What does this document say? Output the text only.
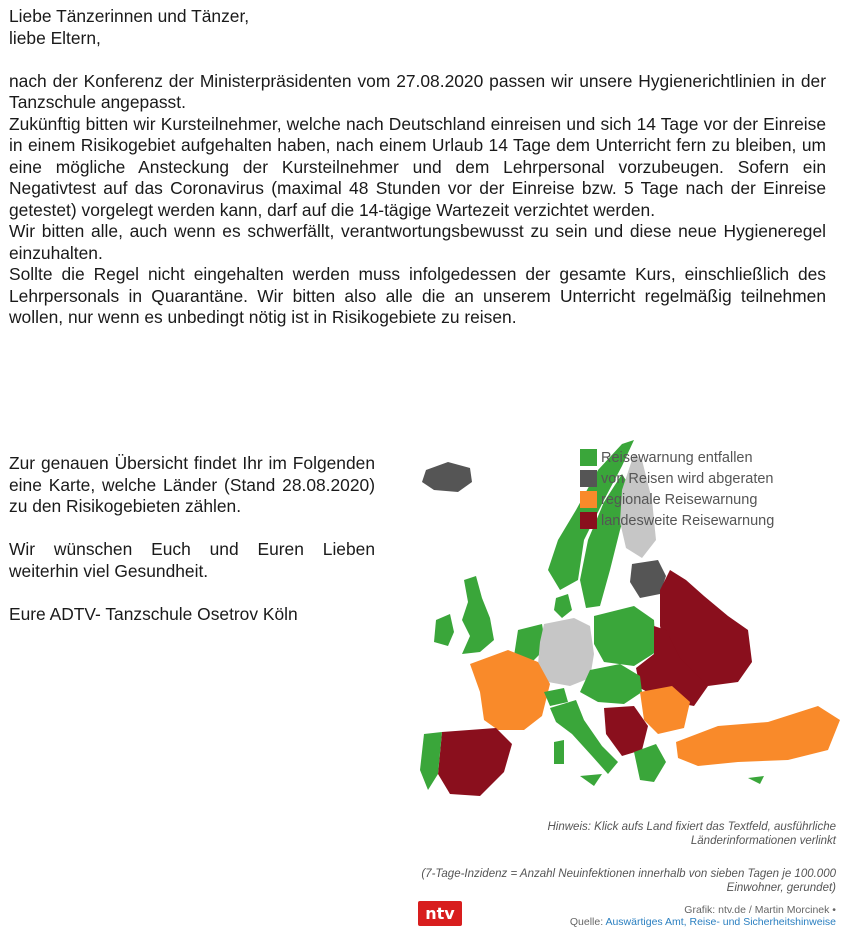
Liebe Tänzerinnen und Tänzer,

liebe Eltern,

nach der Konferenz der Ministerpräsidenten vom 27.08.2020 passen wir unsere Hygienerichtlinien in der Tanzschule angepasst.

Zukünftig bitten wir Kursteilnehmer, welche nach Deutschland einreisen und sich 14 Tage vor der Einreise in einem Risikogebiet aufgehalten haben, nach einem Urlaub 14 Tage dem Unterricht fern zu bleiben, um eine mögliche Ansteckung der Kursteilnehmer und dem Lehrpersonal vorzubeugen. Sofern ein Negativtest auf das Coronavirus (maximal 48 Stunden vor der Einreise bzw. 5 Tage nach der Einreise getestet) vorgelegt werden kann, darf auf die 14-tägige Wartezeit verzichtet werden.

Wir bitten alle, auch wenn es schwerfällt, verantwortungsbewusst zu sein und diese neue Hygieneregel einzuhalten.

Sollte die Regel nicht eingehalten werden muss infolgedessen der gesamte Kurs, einschließlich des Lehrpersonals in Quarantäne. Wir bitten also alle die an unserem Unterricht regelmäßig teilnehmen wollen, nur wenn es unbedingt nötig ist in Risikogebiete zu reisen.

Zur genauen Übersicht findet Ihr im Folgenden eine Karte, welche Länder (Stand 28.08.2020) zu den Risikogebieten zählen.

Wir wünschen Euch und Euren Lieben weiterhin viel Gesundheit.

Eure ADTV- Tanzschule Osetrov Köln

Reisewarnung entfallen
von Reisen wird abgeraten
regionale Reisewarnung
landesweite Reisewarnung
Hinweis: Klick aufs Land fixiert das Textfeld, ausführliche Länderinformationen verlinkt
(7-Tage-Inzidenz = Anzahl Neuinfektionen innerhalb von sieben Tagen je 100.000 Einwohner, gerundet)
ntv	Grafik: ntv.de / Martin Morcinek •
Quelle: Auswärtiges Amt, Reise- und Sicherheitshinweise
